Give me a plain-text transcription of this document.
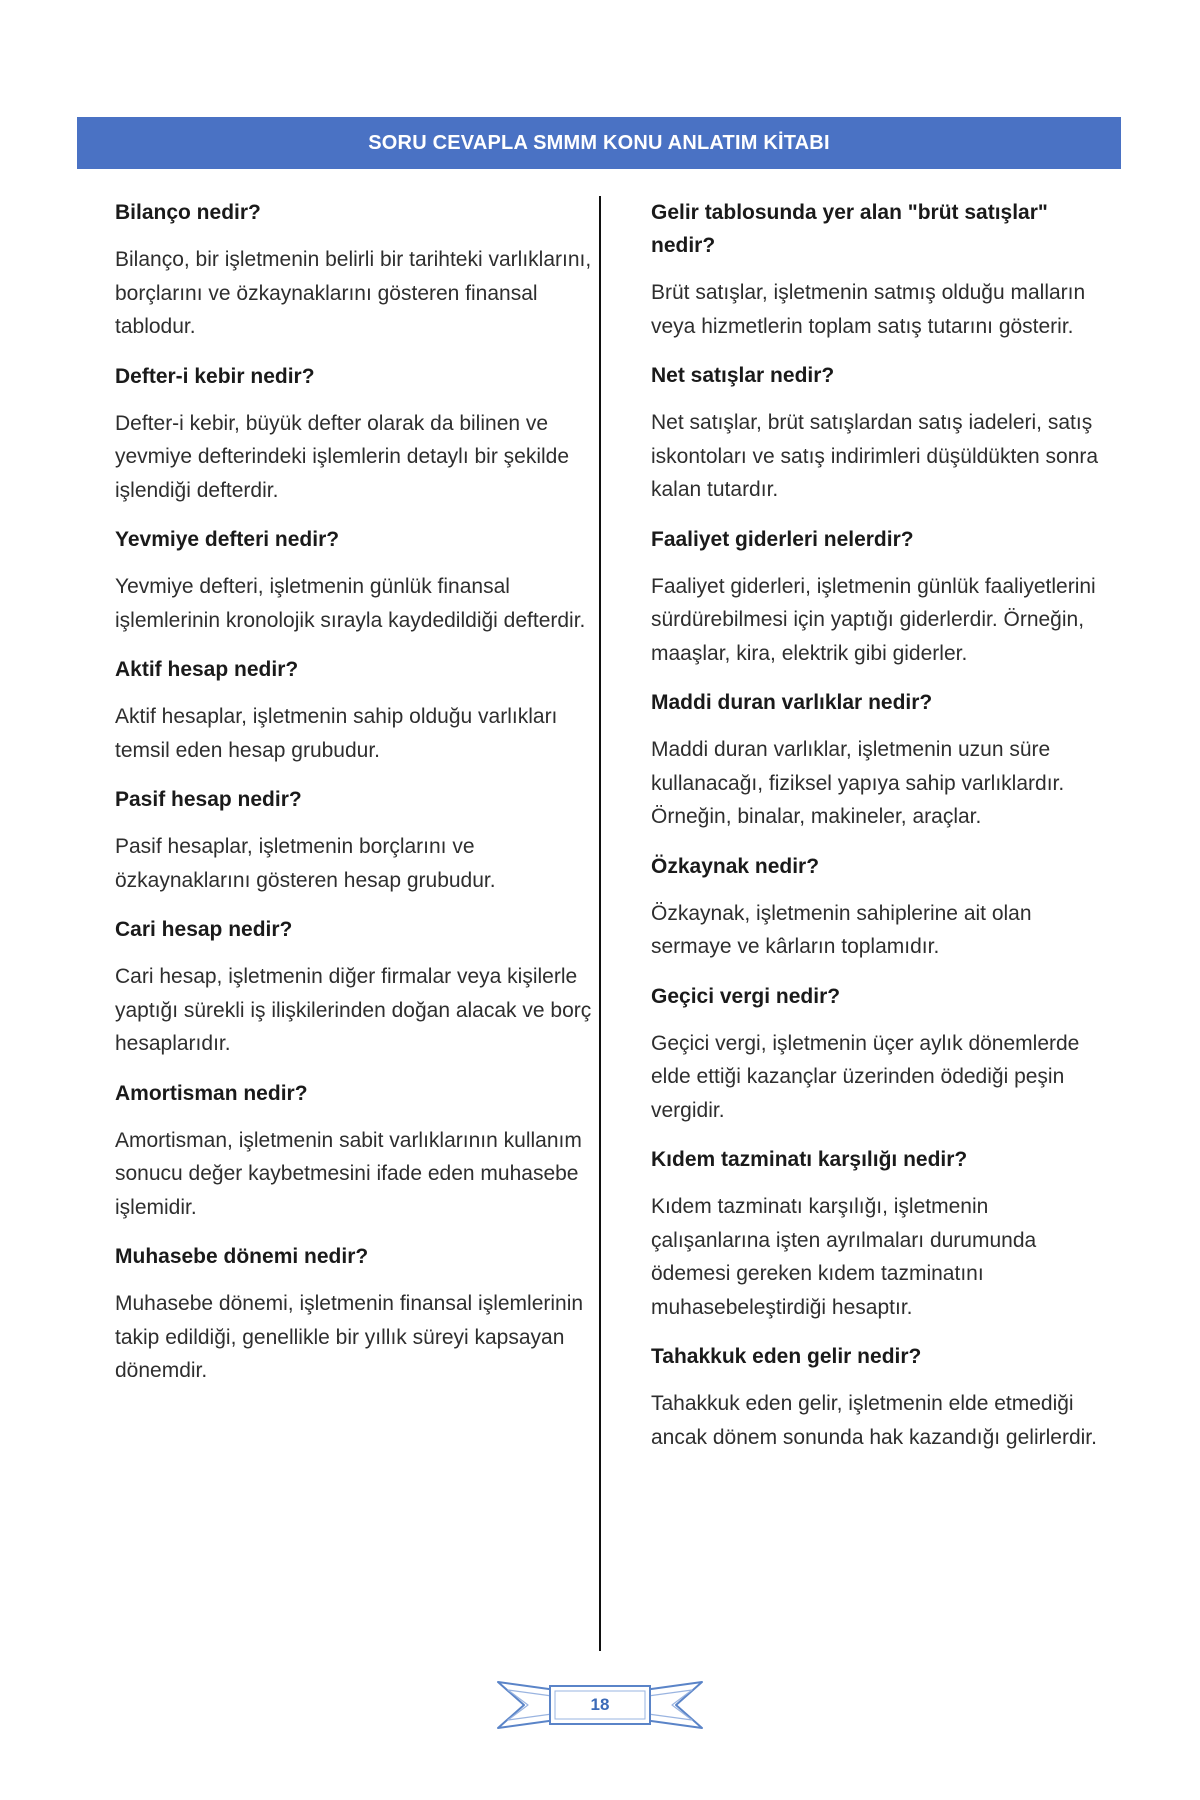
SORU CEVAPLA SMMM KONU ANLATIM KİTABI

Bilanço nedir?

Bilanço, bir işletmenin belirli bir tarihteki varlıklarını, borçlarını ve özkaynaklarını gösteren finansal tablodur.

Defter-i kebir nedir?

Defter-i kebir, büyük defter olarak da bilinen ve yevmiye defterindeki işlemlerin detaylı bir şekilde işlendiği defterdir.

Yevmiye defteri nedir?

Yevmiye defteri, işletmenin günlük finansal işlemlerinin kronolojik sırayla kaydedildiği defterdir.

Aktif hesap nedir?

Aktif hesaplar, işletmenin sahip olduğu varlıkları temsil eden hesap grubudur.

Pasif hesap nedir?

Pasif hesaplar, işletmenin borçlarını ve özkaynaklarını gösteren hesap grubudur.

Cari hesap nedir?

Cari hesap, işletmenin diğer firmalar veya kişilerle yaptığı sürekli iş ilişkilerinden doğan alacak ve borç hesaplarıdır.

Amortisman nedir?

Amortisman, işletmenin sabit varlıklarının kullanım sonucu değer kaybetmesini ifade eden muhasebe işlemidir.

Muhasebe dönemi nedir?

Muhasebe dönemi, işletmenin finansal işlemlerinin takip edildiği, genellikle bir yıllık süreyi kapsayan dönemdir.

Gelir tablosunda yer alan "brüt satışlar" nedir?

Brüt satışlar, işletmenin satmış olduğu malların veya hizmetlerin toplam satış tutarını gösterir.

Net satışlar nedir?

Net satışlar, brüt satışlardan satış iadeleri, satış iskontoları ve satış indirimleri düşüldükten sonra kalan tutardır.

Faaliyet giderleri nelerdir?

Faaliyet giderleri, işletmenin günlük faaliyetlerini sürdürebilmesi için yaptığı giderlerdir. Örneğin, maaşlar, kira, elektrik gibi giderler.

Maddi duran varlıklar nedir?

Maddi duran varlıklar, işletmenin uzun süre kullanacağı, fiziksel yapıya sahip varlıklardır. Örneğin, binalar, makineler, araçlar.

Özkaynak nedir?

Özkaynak, işletmenin sahiplerine ait olan sermaye ve kârların toplamıdır.

Geçici vergi nedir?

Geçici vergi, işletmenin üçer aylık dönemlerde elde ettiği kazançlar üzerinden ödediği peşin vergidir.

Kıdem tazminatı karşılığı nedir?

Kıdem tazminatı karşılığı, işletmenin çalışanlarına işten ayrılmaları durumunda ödemesi gereken kıdem tazminatını muhasebeleştirdiği hesaptır.

Tahakkuk eden gelir nedir?

Tahakkuk eden gelir, işletmenin elde etmediği ancak dönem sonunda hak kazandığı gelirlerdir.

18
